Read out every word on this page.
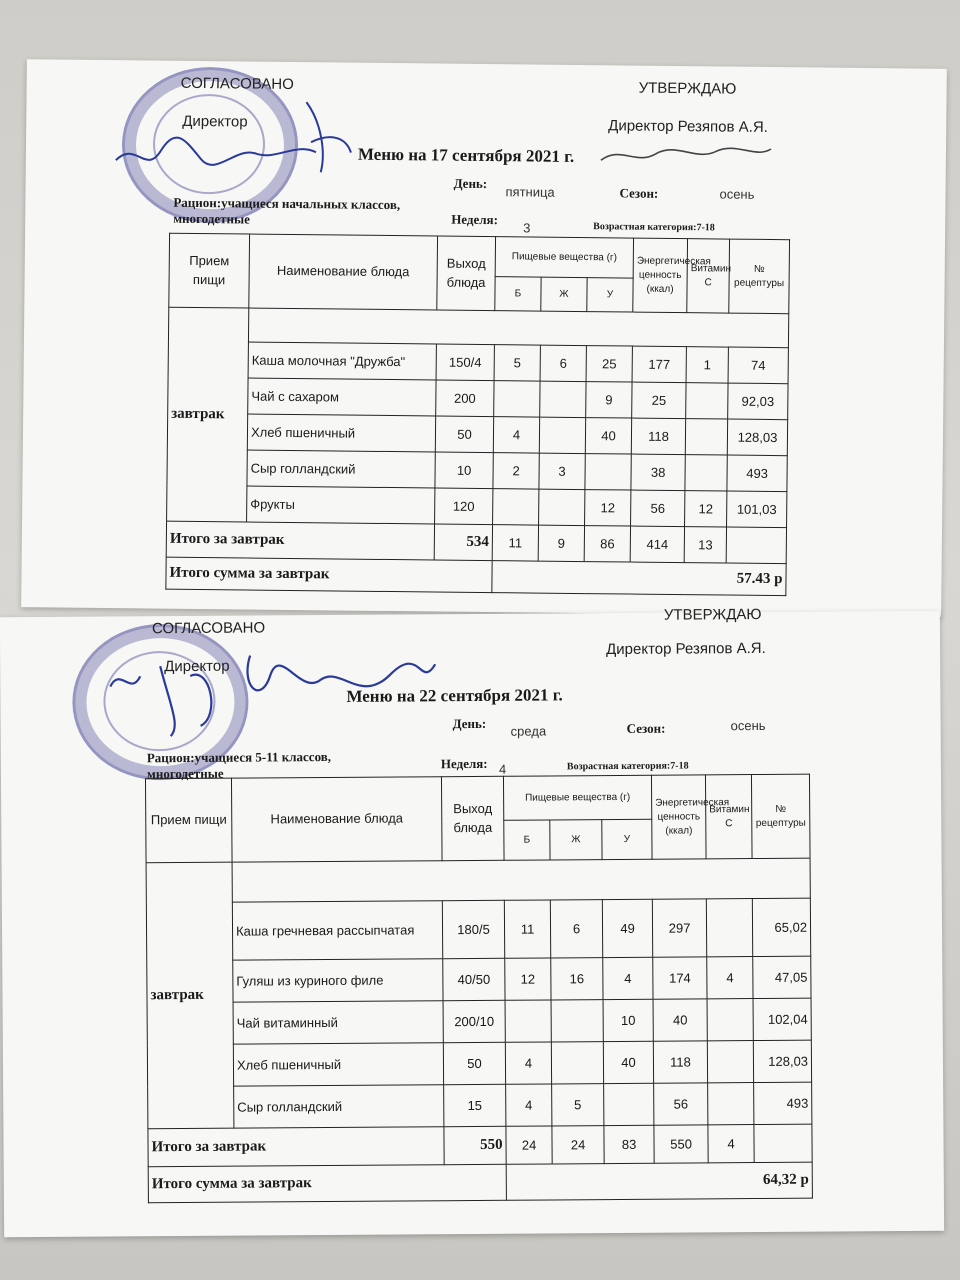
СОГЛАСОВАНО
Директор
УТВЕРЖДАЮ
Директор Резяпов А.Я.
Меню на 17 сентября 2021 г.
День:
пятница	Сезон:	осень
Рацион:учащиеся начальных классов, многодетные	Неделя:
3	Возрастная категория:7-18
Прием пищи	Наименование блюда	Выход блюда	Пищевые вещества (г)			Энергетическая ценность (ккал)	Витамин С	№ рецептуры
			Б	Ж	У			
завтрак								
	Каша молочная "Дружба"	150/4	5	6	25	177	1	74
	Чай с сахаром	200			9	25		92,03
	Хлеб пшеничный	50	4		40	118		128,03
	Сыр голландский	10	2	3		38		493
	Фрукты	120			12	56	12	101,03
Итого за завтрак		534	11	9	86	414	13	
Итого сумма за завтрак			57.43 р					
СОГЛАСОВАНО
Директор
УТВЕРЖДАЮ
Директор Резяпов А.Я.
Меню на 22 сентября 2021 г.
День: среда	Сезон:	осень
Рацион:учащиеся 5-11 классов, многодетные
Неделя: 4	Возрастная категория:7-18
Прием пищи	Наименование блюда	Выход блюда	Пищевые вещества (г)			Энергетическая ценность (ккал)	Витамин С	№ рецептуры
			Б	Ж	У			
завтрак								
	Каша гречневая рассыпчатая	180/5	11	6	49	297		65,02
	Гуляш из куриного филе	40/50	12	16	4	174	4	47,05
	Чай витаминный	200/10			10	40		102,04
	Хлеб пшеничный	50	4		40	118		128,03
	Сыр голландский	15	4	5		56		493
Итого за завтрак		550	24	24	83	550	4	
Итого сумма за завтрак			64,32 р					
